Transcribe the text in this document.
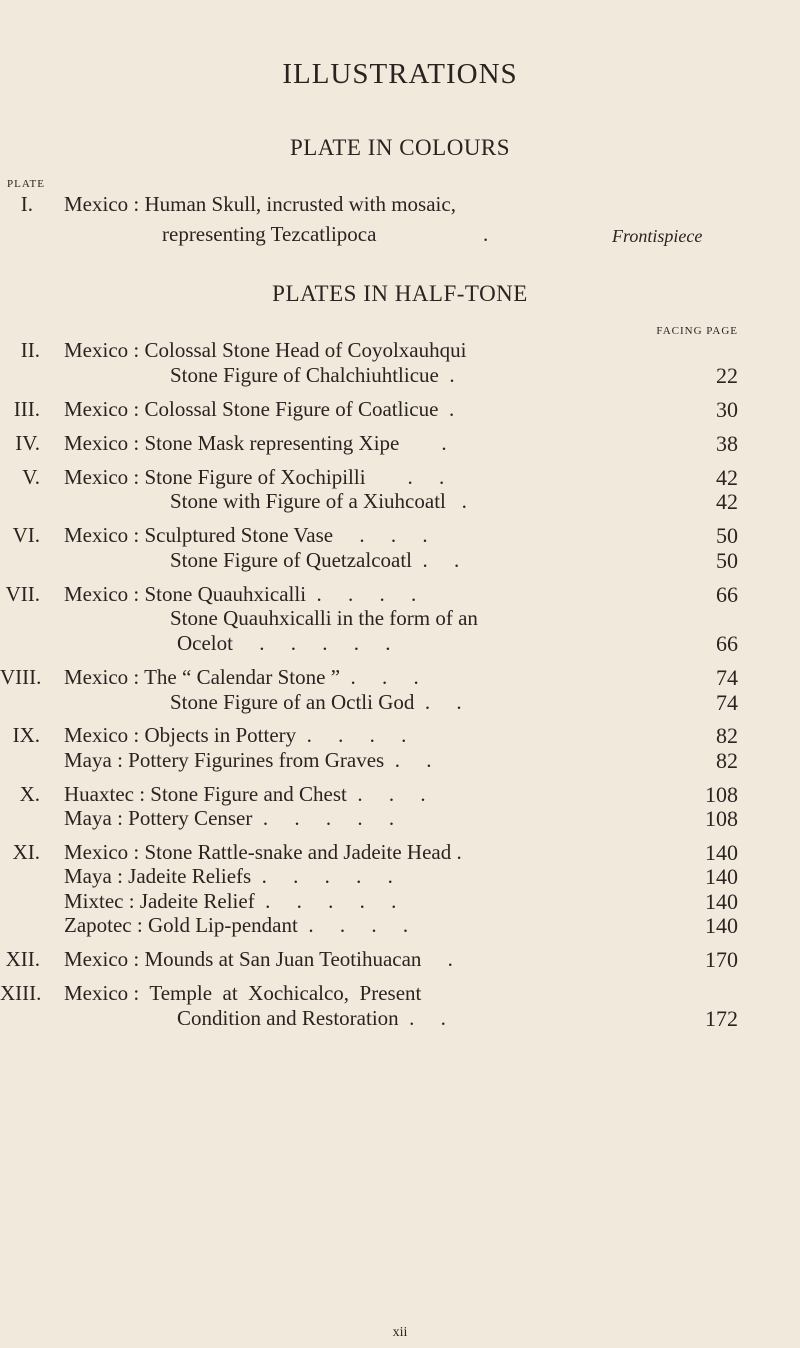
ILLUSTRATIONS
PLATE IN COLOURS
PLATE
I. Mexico : Human Skull, incrusted with mosaic,
representing Tezcatlipoca	.	Frontispiece
PLATES IN HALF-TONE
FACING PAGE
II. Mexico : Colossal Stone Head of Coyolxauhqui
Stone Figure of Chalchiuhtlicue  .	22
III. Mexico : Colossal Stone Figure of Coatlicue  .	30
IV. Mexico : Stone Mask representing Xipe        .	38
V. Mexico : Stone Figure of Xochipilli        .     .	42
Stone with Figure of a Xiuhcoatl   .	42
VI. Mexico : Sculptured Stone Vase     .     .     .	50
Stone Figure of Quetzalcoatl  .     .	50
VII. Mexico : Stone Quauhxicalli  .     .     .     .	66
Stone Quauhxicalli in the form of an
Ocelot     .     .     .     .     .	66
VIII. Mexico : The “ Calendar Stone ”  .     .     .	74
Stone Figure of an Octli God  .     .	74
IX. Mexico : Objects in Pottery  .     .     .     .	82
Maya : Pottery Figurines from Graves  .     .	82
X. Huaxtec : Stone Figure and Chest  .     .     .	108
Maya : Pottery Censer  .     .     .     .     .	108
XI. Mexico : Stone Rattle-snake and Jadeite Head .	140
Maya : Jadeite Reliefs  .     .     .     .     .	140
Mixtec : Jadeite Relief  .     .     .     .     .	140
Zapotec : Gold Lip-pendant  .     .     .     .	140
XII. Mexico : Mounds at San Juan Teotihuacan     .	170
XIII. Mexico :  Temple  at  Xochicalco,  Present
Condition and Restoration  .     .	172
xii
